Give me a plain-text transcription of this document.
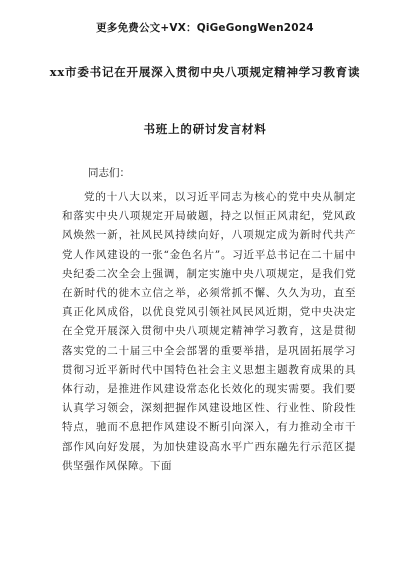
更多免费公文+VX：QiGeGongWen2024
xx市委书记在开展深入贯彻中央八项规定精神学习教育读
书班上的研讨发言材料
同志们：

党的十八大以来，以习近平同志为核心的党中央从制定和落实中央八项规定开局破题，持之以恒正风肃纪，党风政风焕然一新，社风民风持续向好，八项规定成为新时代共产党人作风建设的一张“金色名片”。习近平总书记在二十届中央纪委二次全会上强调，制定实施中央八项规定，是我们党在新时代的徙木立信之举，必须常抓不懈、久久为功，直至真正化风成俗，以优良党风引领社风民风近期，党中央决定在全党开展深入贯彻中央八项规定精神学习教育，这是贯彻落实党的二十届三中全会部署的重要举措，是巩固拓展学习贯彻习近平新时代中国特色社会主义思想主题教育成果的具体行动，是推进作风建设常态化长效化的现实需要。我们要认真学习领会，深刻把握作风建设地区性、行业性、阶段性特点，驰而不息把作风建设不断引向深入，有力推动全市干部作风向好发展，为加快建设高水平广西东融先行示范区提供坚强作风保障。下面
